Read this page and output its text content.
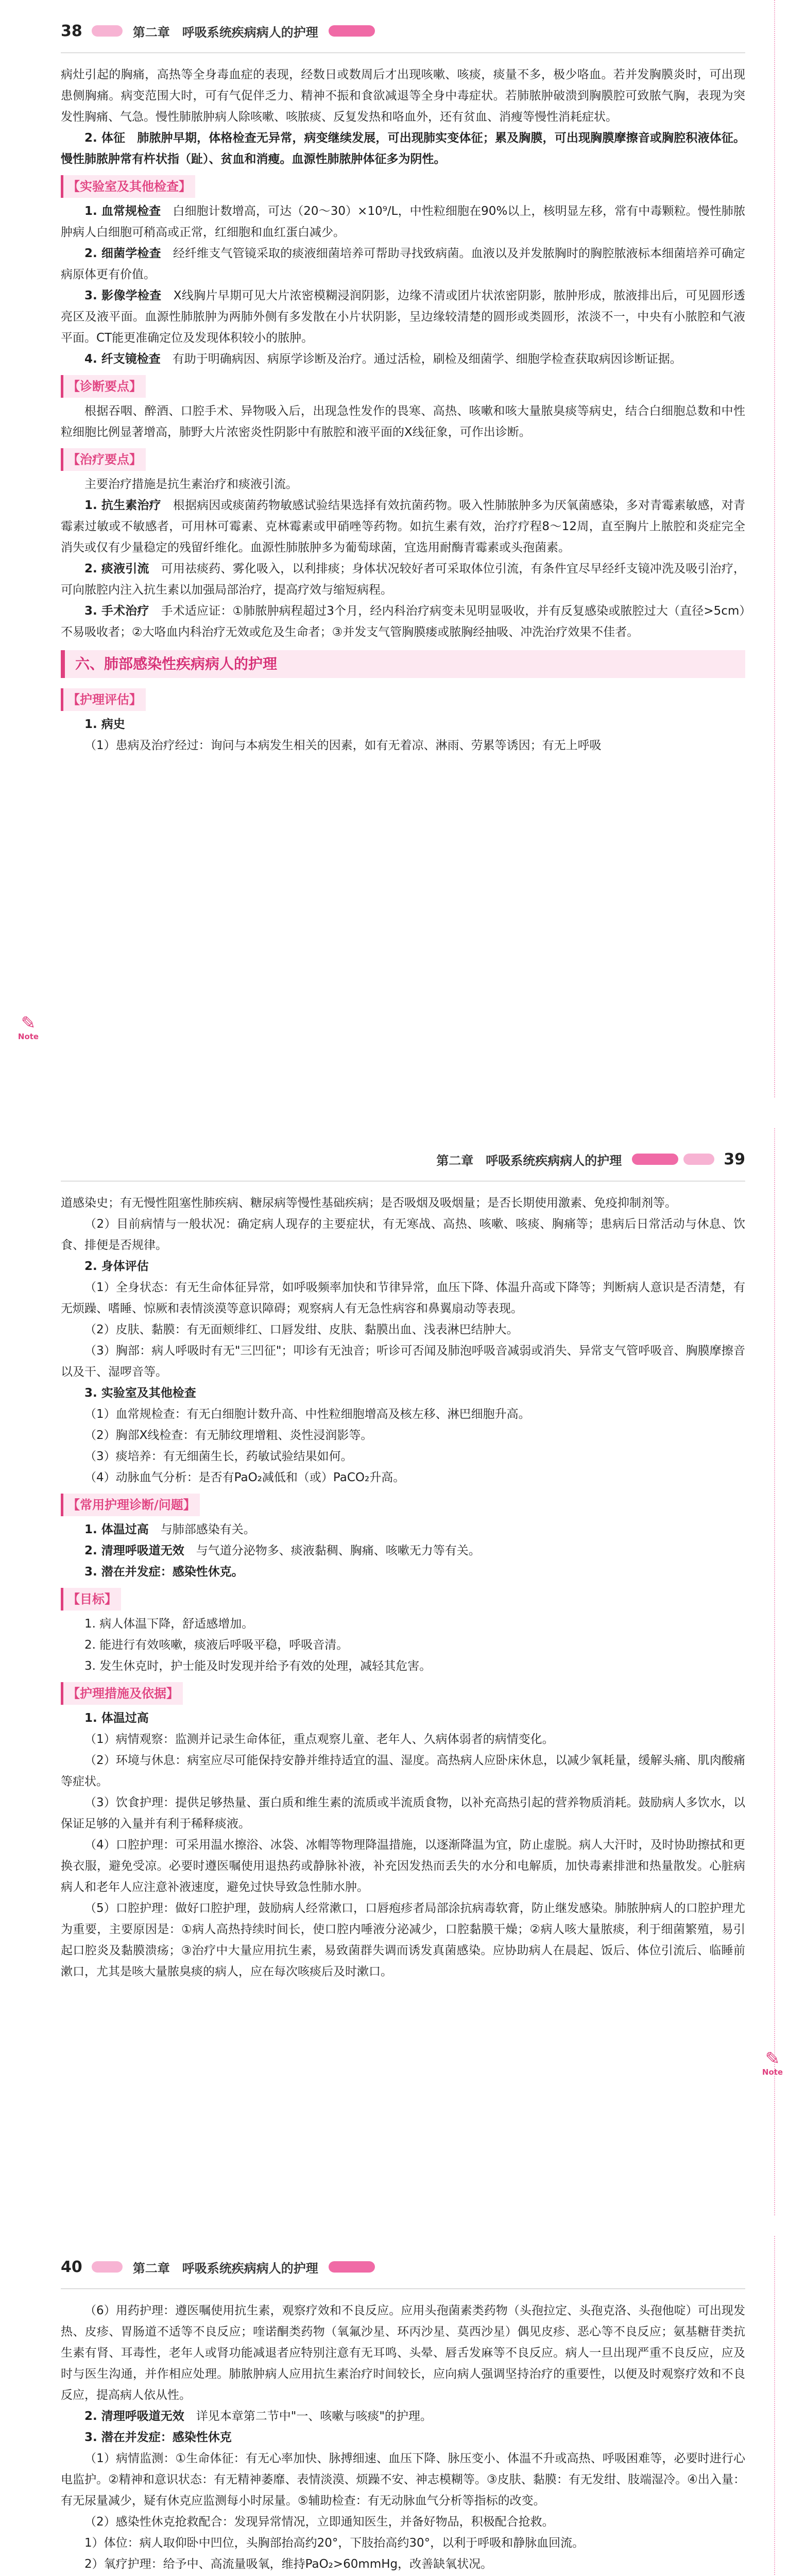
38	第二章　呼吸系统疾病病人的护理

病灶引起的胸痛，高热等全身毒血症的表现，经数日或数周后才出现咳嗽、咳痰，痰量不多，极少咯血。若并发胸膜炎时，可出现患侧胸痛。病变范围大时，可有气促伴乏力、精神不振和食欲减退等全身中毒症状。若肺脓肿破溃到胸膜腔可致脓气胸，表现为突发性胸痛、气急。慢性肺脓肿病人除咳嗽、咳脓痰、反复发热和咯血外，还有贫血、消瘦等慢性消耗症状。

2. 体征　肺脓肿早期，体格检查无异常，病变继续发展，可出现肺实变体征；累及胸膜，可出现胸膜摩擦音或胸腔积液体征。慢性肺脓肿常有杵状指（趾）、贫血和消瘦。血源性肺脓肿体征多为阴性。

【实验室及其他检查】

1. 血常规检查　 白细胞计数增高，可达（20～30）×10⁹/L，中性粒细胞在90%以上，核明显左移，常有中毒颗粒。慢性肺脓肿病人白细胞可稍高或正常，红细胞和血红蛋白减少。

2. 细菌学检查　 经纤维支气管镜采取的痰液细菌培养可帮助寻找致病菌。血液以及并发脓胸时的胸腔脓液标本细菌培养可确定病原体更有价值。

3. 影像学检查　 X线胸片早期可见大片浓密模糊浸润阴影，边缘不清或团片状浓密阴影，脓肿形成，脓液排出后，可见圆形透亮区及液平面。血源性肺脓肿为两肺外侧有多发散在小片状阴影，呈边缘较清楚的圆形或类圆形，浓淡不一，中央有小脓腔和气液平面。CT能更准确定位及发现体积较小的脓肿。

4. 纤支镜检查　 有助于明确病因、病原学诊断及治疗。通过活检，刷检及细菌学、细胞学检查获取病因诊断证据。

【诊断要点】

根据吞咽、醉酒、口腔手术、异物吸入后，出现急性发作的畏寒、高热、咳嗽和咳大量脓臭痰等病史，结合白细胞总数和中性粒细胞比例显著增高，肺野大片浓密炎性阴影中有脓腔和液平面的X线征象，可作出诊断。

【治疗要点】

主要治疗措施是抗生素治疗和痰液引流。

1. 抗生素治疗　 根据病因或痰菌药物敏感试验结果选择有效抗菌药物。吸入性肺脓肿多为厌氧菌感染，多对青霉素敏感，对青霉素过敏或不敏感者，可用林可霉素、克林霉素或甲硝唑等药物。如抗生素有效，治疗疗程8～12周，直至胸片上脓腔和炎症完全消失或仅有少量稳定的残留纤维化。血源性肺脓肿多为葡萄球菌，宜选用耐酶青霉素或头孢菌素。

2. 痰液引流　 可用祛痰药、雾化吸入，以利排痰；身体状况较好者可采取体位引流，有条件宜尽早经纤支镜冲洗及吸引治疗，可向脓腔内注入抗生素以加强局部治疗，提高疗效与缩短病程。

3. 手术治疗　 手术适应证：①肺脓肿病程超过3个月，经内科治疗病变未见明显吸收，并有反复感染或脓腔过大（直径>5cm）不易吸收者；②大咯血内科治疗无效或危及生命者；③并发支气管胸膜瘘或脓胸经抽吸、冲洗治疗效果不佳者。

六、肺部感染性疾病病人的护理
【护理评估】

1. 病史

（1）患病及治疗经过：询问与本病发生相关的因素，如有无着凉、淋雨、劳累等诱因；有无上呼吸

✎
Note
第二章　呼吸系统疾病病人的护理	39

道感染史；有无慢性阻塞性肺疾病、糖尿病等慢性基础疾病；是否吸烟及吸烟量；是否长期使用激素、免疫抑制剂等。

（2）目前病情与一般状况：确定病人现存的主要症状，有无寒战、高热、咳嗽、咳痰、胸痛等；患病后日常活动与休息、饮食、排便是否规律。

2. 身体评估

（1）全身状态：有无生命体征异常，如呼吸频率加快和节律异常，血压下降、体温升高或下降等；判断病人意识是否清楚，有无烦躁、嗜睡、惊厥和表情淡漠等意识障碍；观察病人有无急性病容和鼻翼扇动等表现。

（2）皮肤、黏膜：有无面颊绯红、口唇发绀、皮肤、黏膜出血、浅表淋巴结肿大。

（3）胸部：病人呼吸时有无"三凹征"；叩诊有无浊音；听诊可否闻及肺泡呼吸音减弱或消失、异常支气管呼吸音、胸膜摩擦音以及干、湿啰音等。

3. 实验室及其他检查

（1）血常规检查：有无白细胞计数升高、中性粒细胞增高及核左移、淋巴细胞升高。

（2）胸部X线检查：有无肺纹理增粗、炎性浸润影等。

（3）痰培养：有无细菌生长，药敏试验结果如何。

（4）动脉血气分析：是否有PaO₂减低和（或）PaCO₂升高。

【常用护理诊断/问题】

1. 体温过高　 与肺部感染有关。

2. 清理呼吸道无效　 与气道分泌物多、痰液黏稠、胸痛、咳嗽无力等有关。

3. 潜在并发症：感染性休克。

【目标】

1. 病人体温下降，舒适感增加。

2. 能进行有效咳嗽，痰液后呼吸平稳，呼吸音清。

3. 发生休克时，护士能及时发现并给予有效的处理，减轻其危害。

【护理措施及依据】

1. 体温过高

（1）病情观察：监测并记录生命体征，重点观察儿童、老年人、久病体弱者的病情变化。

（2）环境与休息：病室应尽可能保持安静并维持适宜的温、湿度。高热病人应卧床休息，以减少氧耗量，缓解头痛、肌肉酸痛等症状。

（3）饮食护理：提供足够热量、蛋白质和维生素的流质或半流质食物，以补充高热引起的营养物质消耗。鼓励病人多饮水，以保证足够的入量并有利于稀释痰液。

（4）口腔护理：可采用温水擦浴、冰袋、冰帽等物理降温措施，以逐渐降温为宜，防止虚脱。病人大汗时，及时协助擦拭和更换衣服，避免受凉。必要时遵医嘱使用退热药或静脉补液，补充因发热而丢失的水分和电解质，加快毒素排泄和热量散发。心脏病病人和老年人应注意补液速度，避免过快导致急性肺水肿。

（5）口腔护理：做好口腔护理，鼓励病人经常漱口，口唇疱疹者局部涂抗病毒软膏，防止继发感染。肺脓肿病人的口腔护理尤为重要，主要原因是：①病人高热持续时间长，使口腔内唾液分泌减少，口腔黏膜干燥；②病人咳大量脓痰，利于细菌繁殖，易引起口腔炎及黏膜溃疡；③治疗中大量应用抗生素，易致菌群失调而诱发真菌感染。应协助病人在晨起、饭后、体位引流后、临睡前漱口，尤其是咳大量脓臭痰的病人，应在每次咳痰后及时漱口。

✎
Note
40	第二章　呼吸系统疾病病人的护理

（6）用药护理：遵医嘱使用抗生素，观察疗效和不良反应。应用头孢菌素类药物（头孢拉定、头孢克洛、头孢他啶）可出现发热、皮疹、胃肠道不适等不良反应；喹诺酮类药物（氧氟沙星、环丙沙星、莫西沙星）偶见皮疹、恶心等不良反应；氨基糖苷类抗生素有肾、耳毒性，老年人或肾功能减退者应特别注意有无耳鸣、头晕、唇舌发麻等不良反应。病人一旦出现严重不良反应，应及时与医生沟通，并作相应处理。肺脓肿病人应用抗生素治疗时间较长，应向病人强调坚持治疗的重要性，以便及时观察疗效和不良反应，提高病人依从性。

2. 清理呼吸道无效　 详见本章第二节中"一、咳嗽与咳痰"的护理。

3. 潜在并发症：感染性休克

（1）病情监测：①生命体征：有无心率加快、脉搏细速、血压下降、脉压变小、体温不升或高热、呼吸困难等，必要时进行心电监护。②精神和意识状态：有无精神萎靡、表情淡漠、烦躁不安、神志模糊等。③皮肤、黏膜：有无发绀、肢端湿冷。④出入量：有无尿量减少，疑有休克应监测每小时尿量。⑤辅助检查：有无动脉血气分析等指标的改变。

（2）感染性休克抢救配合：发现异常情况，立即通知医生，并备好物品，积极配合抢救。

1）体位：病人取仰卧中凹位，头胸部抬高约20°，下肢抬高约30°，以利于呼吸和静脉血回流。

2）氧疗护理：给予中、高流量吸氧，维持PaO₂>60mmHg，改善缺氧状况。
